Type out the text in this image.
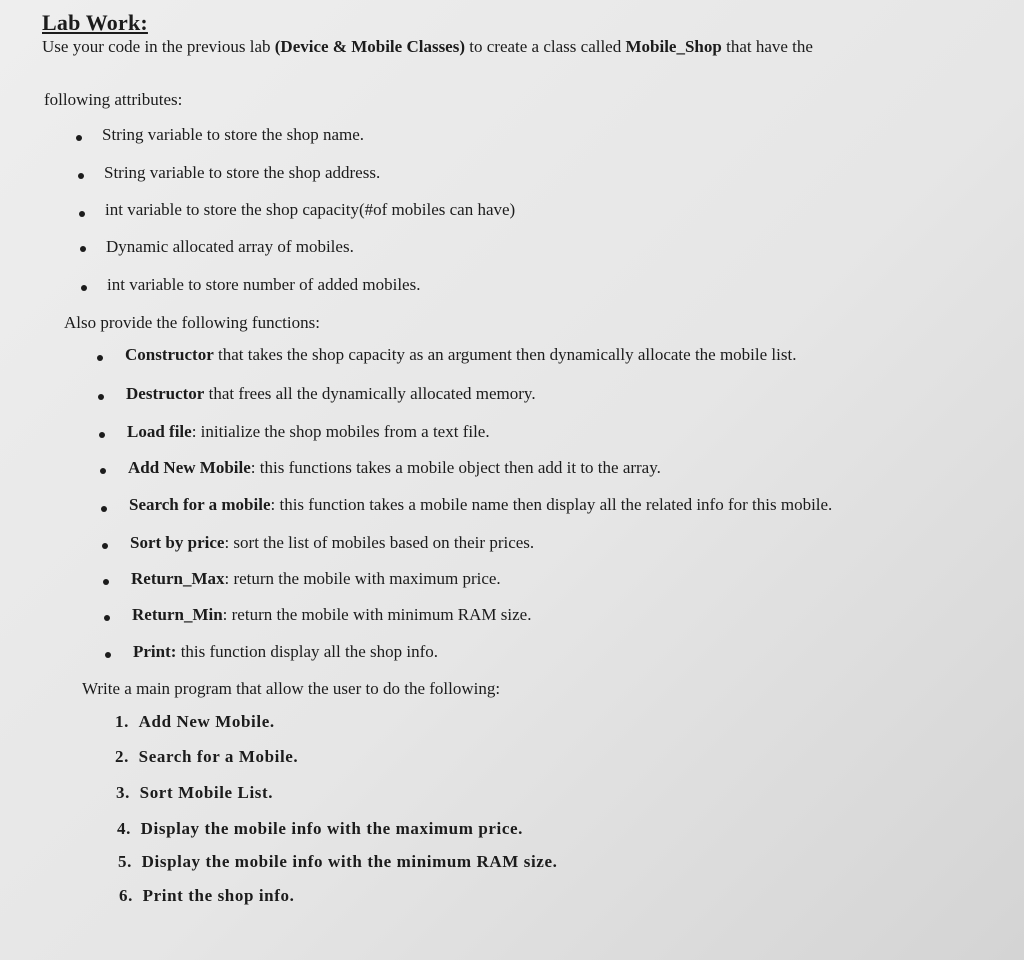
Lab Work:
Use your code in the previous lab (Device & Mobile Classes) to create a class called Mobile_Shop that have the
following attributes:
String variable to store the shop name.
String variable to store the shop address.
int variable to store the shop capacity(#of mobiles can have)
Dynamic allocated array of mobiles.
int variable to store number of added mobiles.
Also provide the following functions:
Constructor that takes the shop capacity as an argument then dynamically allocate the mobile list.
Destructor that frees all the dynamically allocated memory.
Load file: initialize the shop mobiles from a text file.
Add New Mobile: this functions takes a mobile object then add it to the array.
Search for a mobile: this function takes a mobile name then display all the related info for this mobile.
Sort by price: sort the list of mobiles based on their prices.
Return_Max: return the mobile with maximum price.
Return_Min: return the mobile with minimum RAM size.
Print: this function display all the shop info.
Write a main program that allow the user to do the following:
1. Add New Mobile.
2. Search for a Mobile.
3. Sort Mobile List.
4. Display the mobile info with the maximum price.
5. Display the mobile info with the minimum RAM size.
6. Print the shop info.
